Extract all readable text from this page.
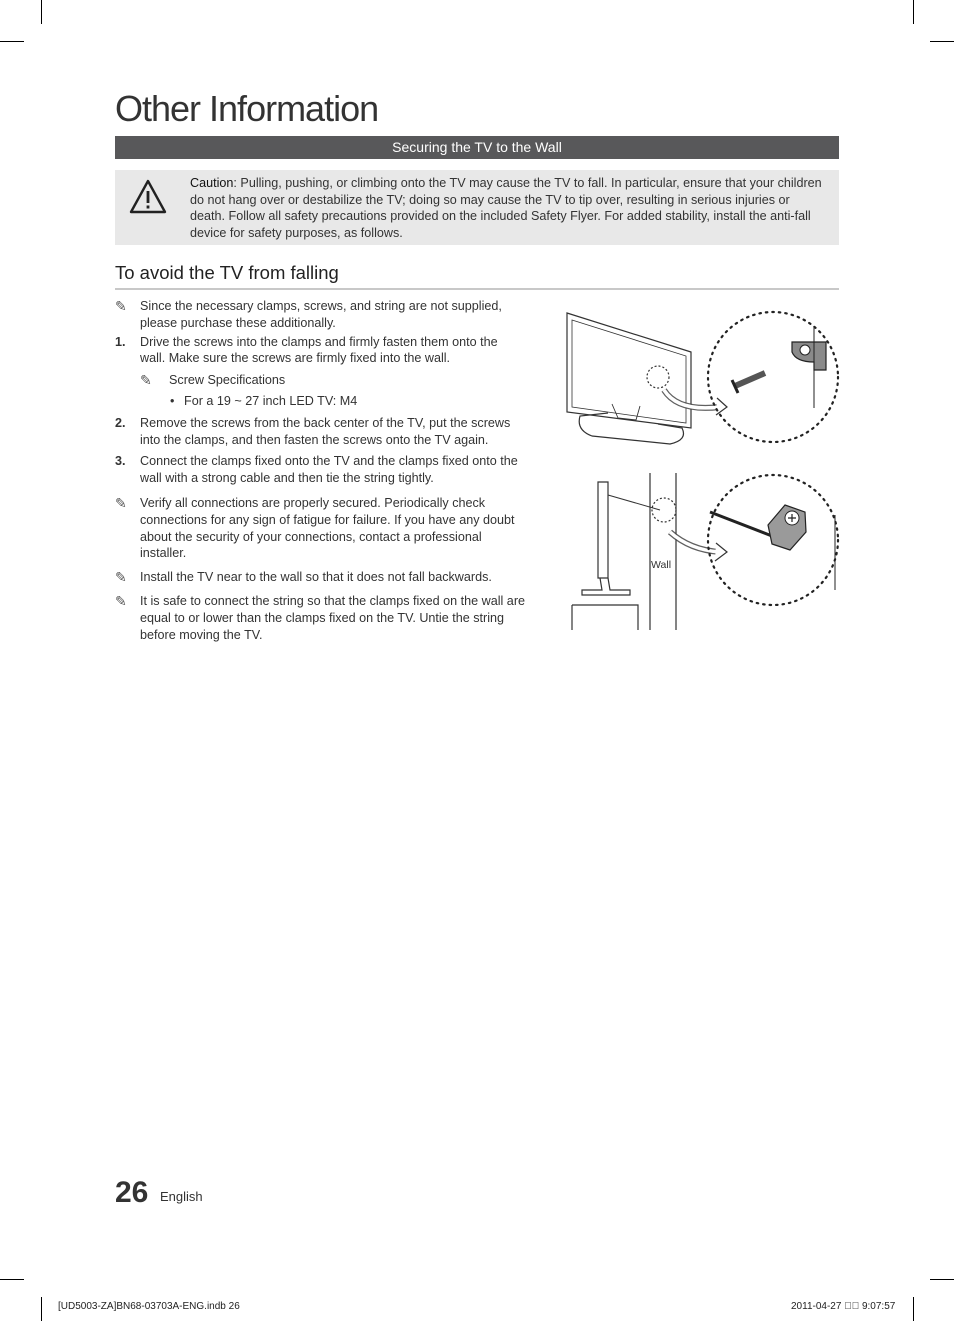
Other Information
Securing the TV to the Wall
Caution: Pulling, pushing, or climbing onto the TV may cause the TV to fall. In particular, ensure that your children do not hang over or destabilize the TV; doing so may cause the TV to tip over, resulting in serious injuries or death. Follow all safety precautions provided on the included Safety Flyer. For added stability, install the anti-fall device for safety purposes, as follows.
To avoid the TV from falling
✎ Since the necessary clamps, screws, and string are not supplied, please purchase these additionally.
1. Drive the screws into the clamps and firmly fasten them onto the wall. Make sure the screws are firmly fixed into the wall.
✎ Screw Specifications
• For a 19 ~ 27 inch LED TV: M4
2. Remove the screws from the back center of the TV, put the screws into the clamps, and then fasten the screws onto the TV again.
3. Connect the clamps fixed onto the TV and the clamps fixed onto the wall with a strong cable and then tie the string tightly.
✎ Verify all connections are properly secured. Periodically check connections for any sign of fatigue for failure. If you have any doubt about the security of your connections, contact a professional installer.
✎ Install the TV near to the wall so that it does not fall backwards.
✎ It is safe to connect the string so that the clamps fixed on the wall are equal to or lower than the clamps fixed on the TV. Untie the string before moving the TV.
Wall
26 English
[UD5003-ZA]BN68-03703A-ENG.indb 26	2011-04-27 ￿￿ 9:07:57
